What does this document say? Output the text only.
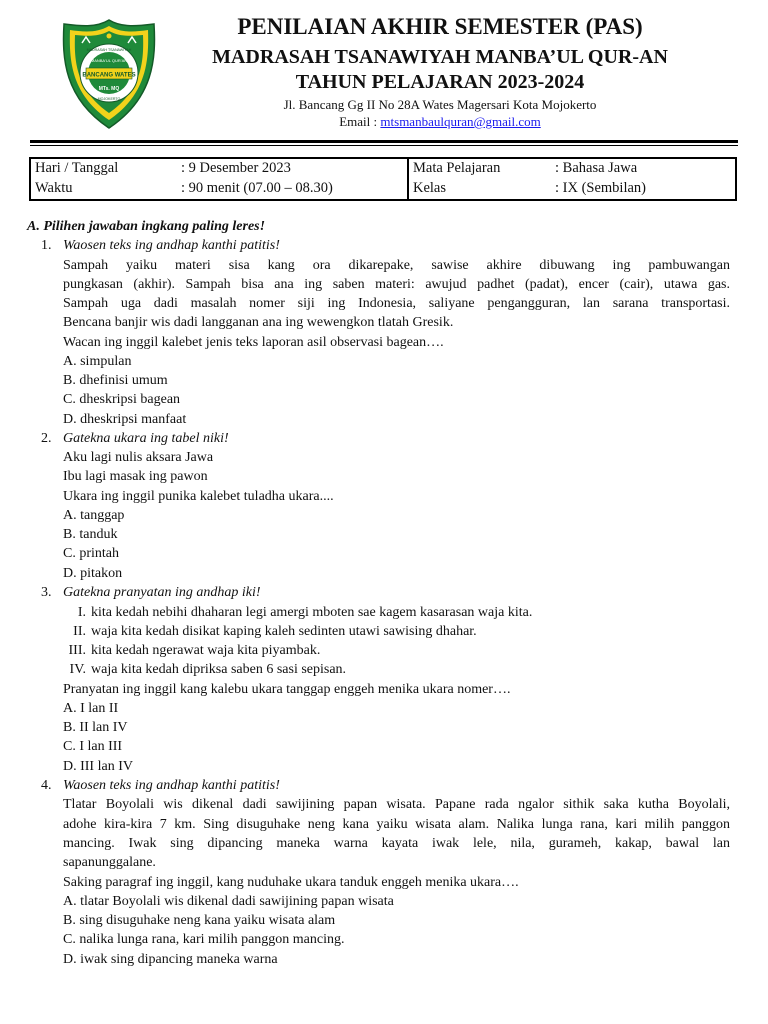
BANCANG WATES
MTs. MQ
MADRASAH TSANAWIYAH
MANBA'UL QUR'AN
MOJOKERTO
PENILAIAN AKHIR SEMESTER (PAS)
MADRASAH TSANAWIYAH MANBA’UL QUR-AN
TAHUN PELAJARAN 2023-2024
Jl. Bancang Gg II No 28A Wates Magersari Kota Mojokerto
Email : mtsmanbaulquran@gmail.com
Hari / Tanggal	: 9 Desember 2023	Mata Pelajaran	: Bahasa Jawa
Waktu	: 90 menit (07.00 – 08.30)	Kelas	: IX (Sembilan)
A. Pilihen jawaban ingkang paling leres!
1. Waosen teks ing andhap kanthi patitis!
Sampah yaiku materi sisa kang ora dikarepake, sawise akhire dibuwang ing pambuwangan
pungkasan (akhir). Sampah bisa ana ing saben materi: awujud padhet (padat), encer (cair), utawa gas.
Sampah uga dadi masalah nomer siji ing Indonesia, saliyane pengangguran, lan sarana transportasi.
Bencana banjir wis dadi langganan ana ing wewengkon tlatah Gresik.
Wacan ing inggil kalebet jenis teks laporan asil observasi bagean….
A. simpulan
B. dhefinisi umum
C. dheskripsi bagean
D. dheskripsi manfaat
2. Gatekna ukara ing tabel niki!
Aku lagi nulis aksara Jawa
Ibu lagi masak ing pawon
Ukara ing inggil punika kalebet tuladha ukara....
A. tanggap
B. tanduk
C. printah
D. pitakon
3. Gatekna pranyatan ing andhap iki!
I. kita kedah nebihi dhaharan legi amergi mboten sae kagem kasarasan waja kita.
II. waja kita kedah disikat kaping kaleh sedinten utawi sawising dhahar.
III. kita kedah ngerawat waja kita piyambak.
IV. waja kita kedah dipriksa saben 6 sasi sepisan.
Pranyatan ing inggil kang kalebu ukara tanggap enggeh menika ukara nomer….
A. I lan II
B. II lan IV
C. I lan III
D. III lan IV
4. Waosen teks ing andhap kanthi patitis!
Tlatar Boyolali wis dikenal dadi sawijining papan wisata. Papane rada ngalor sithik saka kutha Boyolali,
adohe kira-kira 7 km. Sing disuguhake neng kana yaiku wisata alam. Nalika lunga rana, kari milih panggon
mancing. Iwak sing dipancing maneka warna kayata iwak lele, nila, gurameh, kakap, bawal lan
sapanunggalane.
Saking paragraf ing inggil, kang nuduhake ukara tanduk enggeh menika ukara….
A. tlatar Boyolali wis dikenal dadi sawijining papan wisata
B. sing disuguhake neng kana yaiku wisata alam
C. nalika lunga rana, kari milih panggon mancing.
D. iwak sing dipancing maneka warna
